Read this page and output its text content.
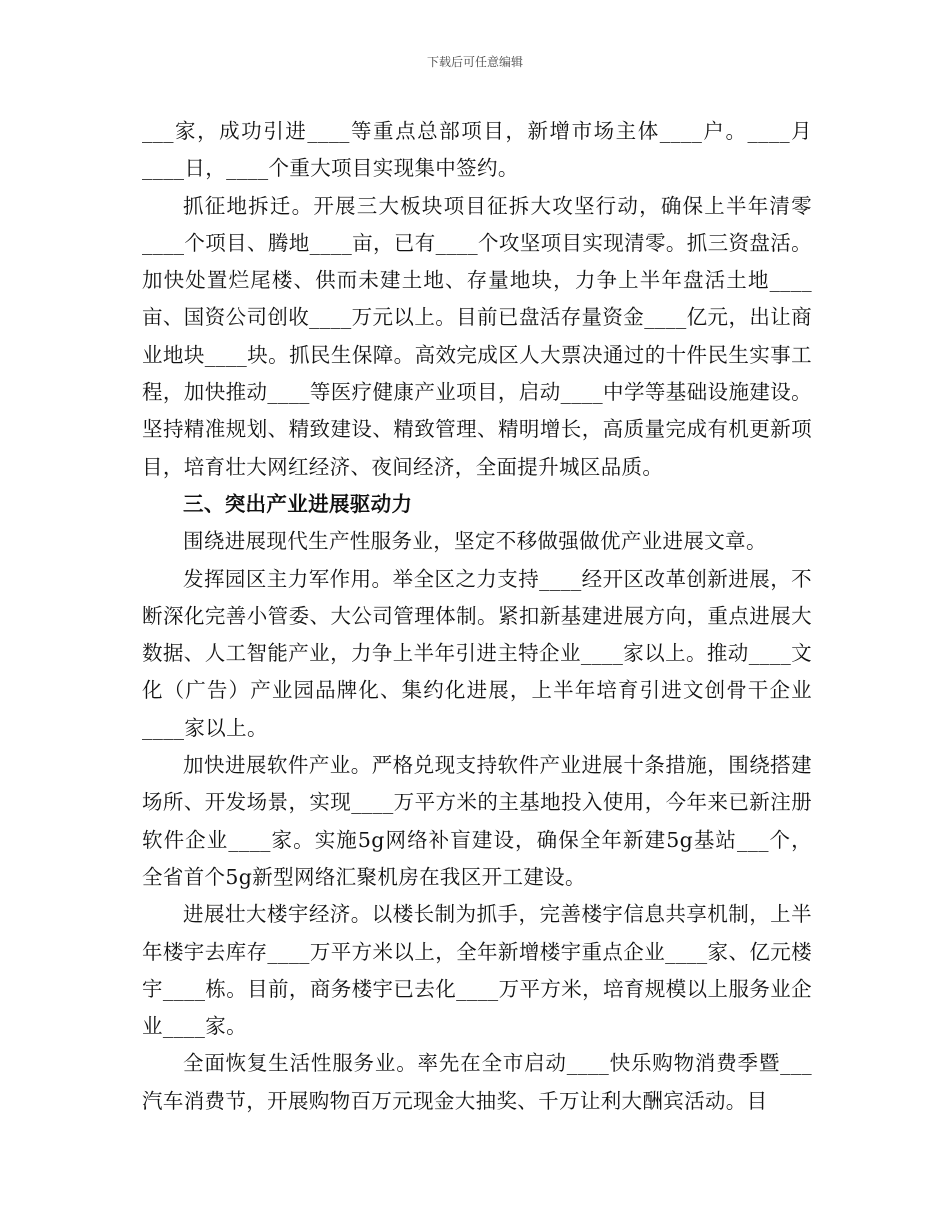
下载后可任意编辑

___家，成功引进____等重点总部项目，新增市场主体____户。____月____日，____个重大项目实现集中签约。

抓征地拆迁。开展三大板块项目征拆大攻坚行动，确保上半年清零____个项目、腾地____亩，已有____个攻坚项目实现清零。抓三资盘活。加快处置烂尾楼、供而未建土地、存量地块，力争上半年盘活土地____亩、国资公司创收____万元以上。目前已盘活存量资金____亿元，出让商业地块____块。抓民生保障。高效完成区人大票决通过的十件民生实事工程，加快推动____等医疗健康产业项目，启动____中学等基础设施建设。坚持精准规划、精致建设、精致管理、精明增长，高质量完成有机更新项目，培育壮大网红经济、夜间经济，全面提升城区品质。

三、突出产业进展驱动力

围绕进展现代生产性服务业，坚定不移做强做优产业进展文章。

发挥园区主力军作用。举全区之力支持____经开区改革创新进展，不断深化完善小管委、大公司管理体制。紧扣新基建进展方向，重点进展大数据、人工智能产业，力争上半年引进主特企业____家以上。推动____文化（广告）产业园品牌化、集约化进展，上半年培育引进文创骨干企业____家以上。

加快进展软件产业。严格兑现支持软件产业进展十条措施，围绕搭建场所、开发场景，实现____万平方米的主基地投入使用，今年来已新注册软件企业____家。实施5g网络补盲建设，确保全年新建5g基站___个，全省首个5g新型网络汇聚机房在我区开工建设。

进展壮大楼宇经济。以楼长制为抓手，完善楼宇信息共享机制，上半年楼宇去库存____万平方米以上，全年新增楼宇重点企业____家、亿元楼宇____栋。目前，商务楼宇已去化____万平方米，培育规模以上服务业企业____家。

全面恢复生活性服务业。率先在全市启动____快乐购物消费季暨___汽车消费节，开展购物百万元现金大抽奖、千万让利大酬宾活动。目
